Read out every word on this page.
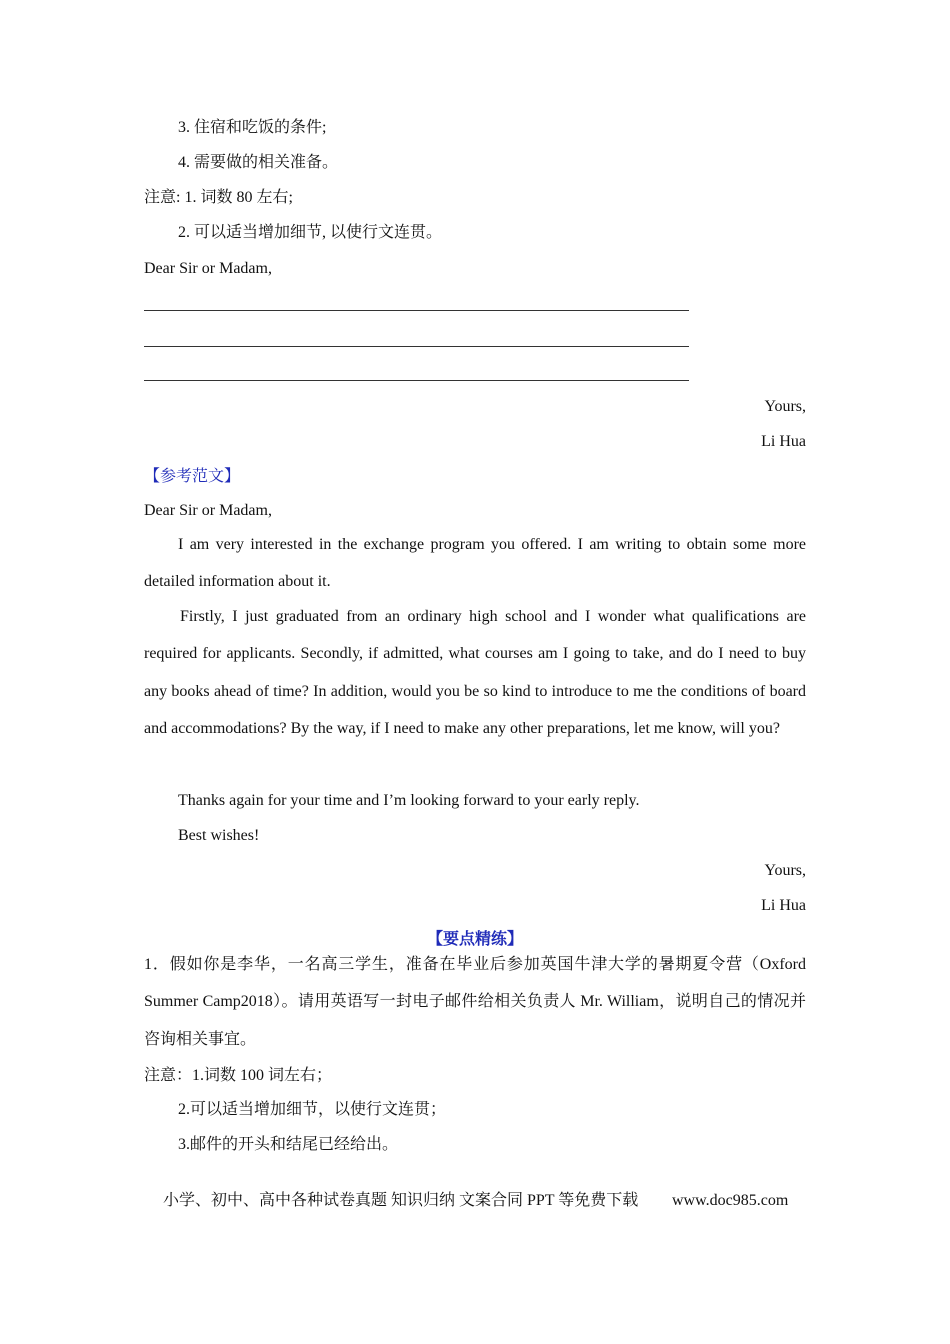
3. 住宿和吃饭的条件;
4. 需要做的相关准备。
注意: 1. 词数 80 左右;
2. 可以适当增加细节, 以使行文连贯。
Dear Sir or Madam,
Yours,
Li Hua
【参考范文】
Dear Sir or Madam,
I am very interested in the exchange program you offered. I am writing to obtain some more detailed information about it.
Firstly, I just graduated from an ordinary high school and I wonder what qualifications are required for applicants. Secondly, if admitted, what courses am I going to take, and do I need to buy any books ahead of time? In addition, would you be so kind to introduce to me the conditions of board and accommodations? By the way, if I need to make any other preparations, let me know, will you?
Thanks again for your time and I’m looking forward to your early reply.
Best wishes!
Yours,
Li Hua
【要点精练】
1．假如你是李华，一名高三学生，准备在毕业后参加英国牛津大学的暑期夏令营（Oxford Summer Camp2018）。请用英语写一封电子邮件给相关负责人 Mr. William，说明自己的情况并咨询相关事宜。
注意：1.词数 100 词左右；
2.可以适当增加细节，以使行文连贯；
3.邮件的开头和结尾已经给出。
小学、初中、高中各种试卷真题 知识归纳 文案合同 PPT 等免费下载 www.doc985.com
